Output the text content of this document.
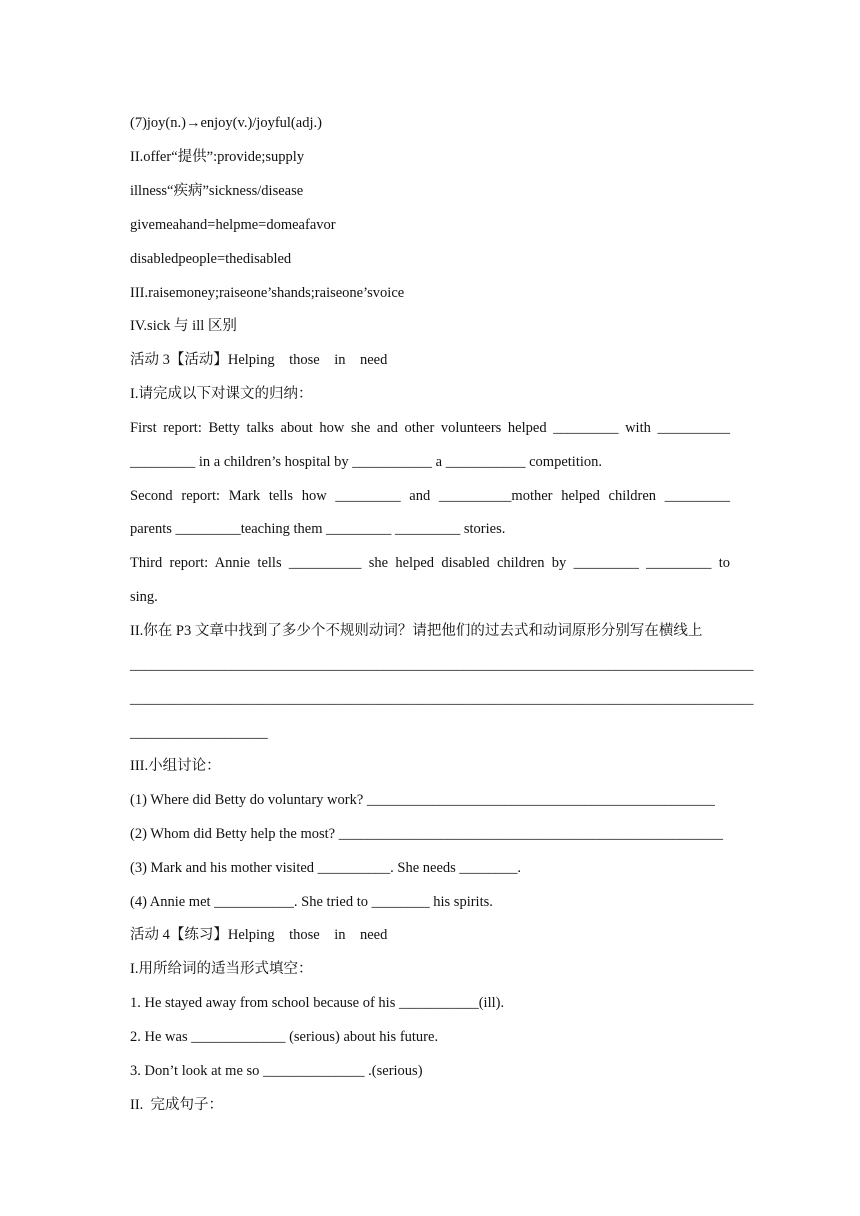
(7)joy(n.)→enjoy(v.)/joyful(adj.)
II.offer“提供”:provide;supply
illness“疾病”sickness/disease
givemeahand=helpme=domeafavor
disabledpeople=thedisabled
III.raisemoney;raiseone’shands;raiseone’svoice
IV.sick 与 ill 区别
活动 3【活动】Helping    those    in    need
I.请完成以下对课文的归纳：
First report: Betty talks about how she and other volunteers helped _________ with __________
_________ in a children’s hospital by ___________ a ___________ competition.
Second report: Mark tells how _________ and __________mother helped children _________
parents _________teaching them _________ _________ stories.
Third report: Annie tells __________ she helped disabled children by _________ _________ to
sing.
II.你在 P3 文章中找到了多少个不规则动词？请把他们的过去式和动词原形分别写在横线上
______________________________________________________________________________________
______________________________________________________________________________________
___________________
III.小组讨论：
(1) Where did Betty do voluntary work? ________________________________________________
(2) Whom did Betty help the most? _____________________________________________________
(3) Mark and his mother visited __________. She needs ________.
(4) Annie met ___________. She tried to ________ his spirits.
活动 4【练习】Helping    those    in    need
I.用所给词的适当形式填空：
1. He stayed away from school because of his ___________(ill).
2. He was _____________ (serious) about his future.
3. Don’t look at me so ______________ .(serious)
II.  完成句子：
